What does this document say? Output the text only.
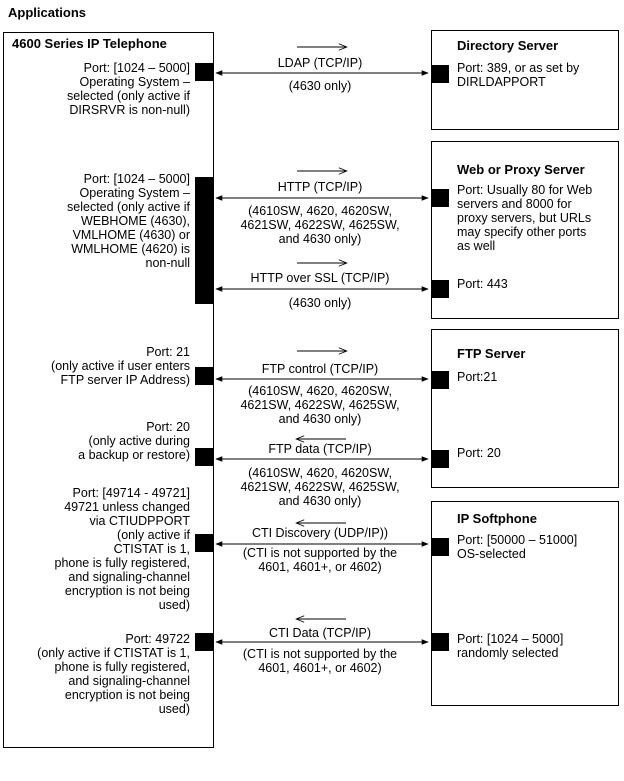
Applications
4600 Series IP Telephone
Port: [1024 – 5000]
Operating System –
selected (only active if
DIRSRVR is non-null)
Port: [1024 – 5000]
Operating System –
selected (only active if
WEBHOME (4630),
VMLHOME (4630) or
WMLHOME (4620) is
non-null
Port: 21
(only active if user enters
FTP server IP Address)
Port: 20
(only active during
a backup or restore)
Port: [49714 - 49721]
49721 unless changed
via CTIUDPPORT
(only active if
CTISTAT is 1,
phone is fully registered,
and signaling-channel
encryption is not being
used)
Port: 49722
(only active if CTISTAT is 1,
phone is fully registered,
and signaling-channel
encryption is not being
used)
Directory Server
Web or Proxy Server
FTP Server
IP Softphone
Port: 389, or as set by
DIRLDAPPORT
Port: Usually 80 for Web
servers and 8000 for
proxy servers, but URLs
may specify other ports
as well
Port: 443
Port:21
Port: 20
Port: [50000 – 51000]
OS-selected
Port: [1024 – 5000]
randomly selected
LDAP (TCP/IP)
(4630 only)
HTTP (TCP/IP)
(4610SW, 4620, 4620SW,
4621SW, 4622SW, 4625SW,
and 4630 only)
HTTP over SSL (TCP/IP)
(4630 only)
FTP control (TCP/IP)
(4610SW, 4620, 4620SW,
4621SW, 4622SW, 4625SW,
and 4630 only)
FTP data (TCP/IP)
(4610SW, 4620, 4620SW,
4621SW, 4622SW, 4625SW,
and 4630 only)
CTI Discovery (UDP/IP))
(CTI is not supported by the
4601, 4601+, or 4602)
CTI Data (TCP/IP)
(CTI is not supported by the
4601, 4601+, or 4602)
